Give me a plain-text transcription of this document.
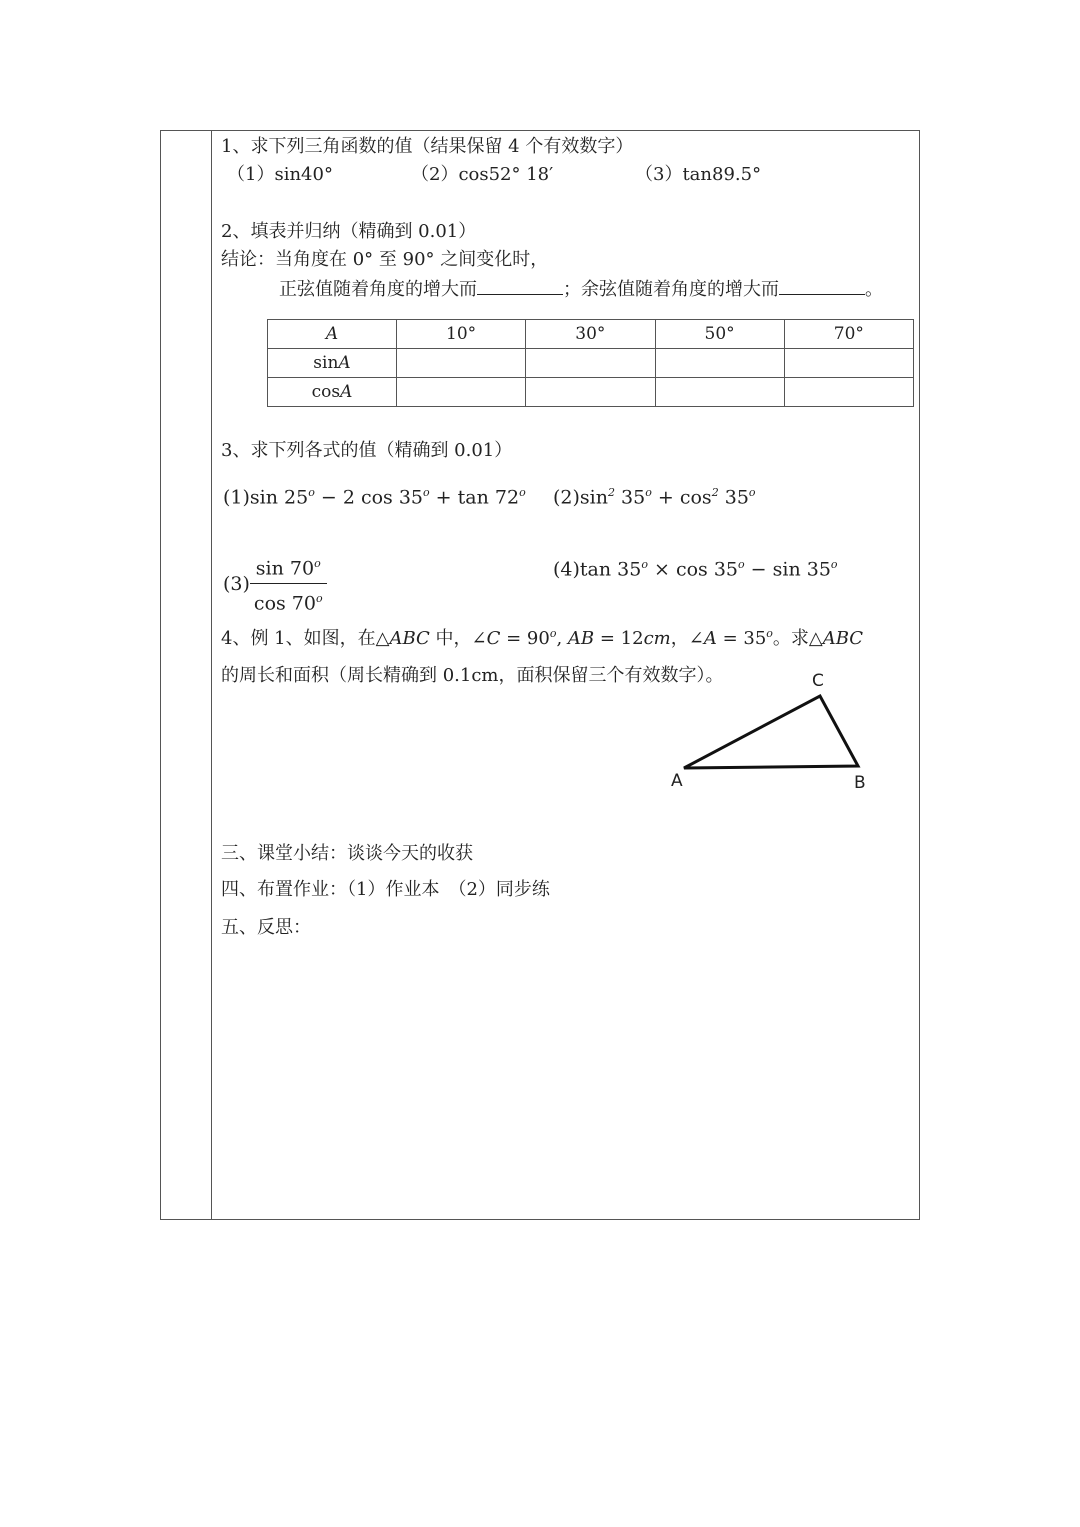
1、求下列三角函数的值（结果保留 4 个有效数字）
（1）sin40°	（2）cos52° 18′	（3）tan89.5°
2、填表并归纳（精确到 0.01）
结论：当角度在 0° 至 90° 之间变化时，
正弦值随着角度的增大而	；余弦值随着角度的增大而	。
A	10°	30°	50°	70°
sinA				
cosA				
3、求下列各式的值（精确到 0.01）
(1)sin $25^o - 2$ $\cos 35^o + \tan 72^o$ $(2)\sin^2$ $35^o + \cos^2 35^o$
$(3) \frac{\sin 70^o}{\cos 70^o}$	(4)tan $35^o \times \cos 35^o - \sin 35^o$
4、例 1、如图，在△ABC 中，∠C = $90^o$, AB = 12cm，∠A = $35^o$。求△ABC
的周长和面积（周长精确到 0.1cm，面积保留三个有效数字）。
A	B
C
三、课堂小结：谈谈今天的收获
四、布置作业：（1）作业本　（2）同步练
五、反思：
